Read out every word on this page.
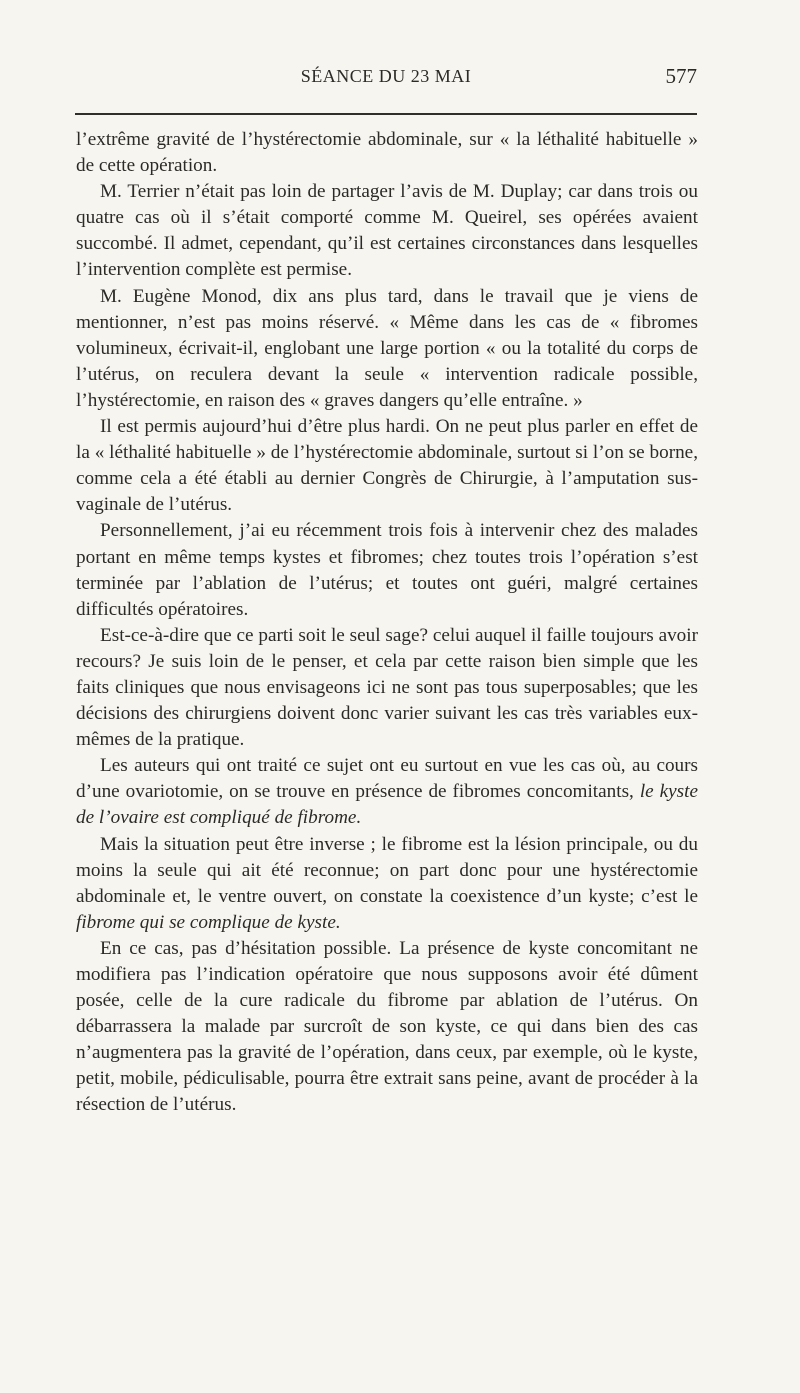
SÉANCE DU 23 MAI	577

l’extrême gravité de l’hystérectomie abdominale, sur « la léthalité habituelle » de cette opération.

M. Terrier n’était pas loin de partager l’avis de M. Duplay; car dans trois ou quatre cas où il s’était comporté comme M. Queirel, ses opérées avaient succombé. Il admet, cependant, qu’il est certaines circonstances dans lesquelles l’intervention complète est permise.

M. Eugène Monod, dix ans plus tard, dans le travail que je viens de mentionner, n’est pas moins réservé. « Même dans les cas de « fibromes volumineux, écrivait-il, englobant une large portion « ou la totalité du corps de l’utérus, on reculera devant la seule « intervention radicale possible, l’hystérectomie, en raison des « graves dangers qu’elle entraîne. »

Il est permis aujourd’hui d’être plus hardi. On ne peut plus parler en effet de la « léthalité habituelle » de l’hystérectomie abdominale, surtout si l’on se borne, comme cela a été établi au dernier Congrès de Chirurgie, à l’amputation sus-vaginale de l’utérus.

Personnellement, j’ai eu récemment trois fois à intervenir chez des malades portant en même temps kystes et fibromes; chez toutes trois l’opération s’est terminée par l’ablation de l’utérus; et toutes ont guéri, malgré certaines difficultés opératoires.

Est-ce-à-dire que ce parti soit le seul sage? celui auquel il faille toujours avoir recours? Je suis loin de le penser, et cela par cette raison bien simple que les faits cliniques que nous envisageons ici ne sont pas tous superposables; que les décisions des chirurgiens doivent donc varier suivant les cas très variables eux-mêmes de la pratique.

Les auteurs qui ont traité ce sujet ont eu surtout en vue les cas où, au cours d’une ovariotomie, on se trouve en présence de fibromes concomitants, le kyste de l’ovaire est compliqué de fibrome.

Mais la situation peut être inverse ; le fibrome est la lésion principale, ou du moins la seule qui ait été reconnue; on part donc pour une hystérectomie abdominale et, le ventre ouvert, on constate la coexistence d’un kyste; c’est le fibrome qui se complique de kyste.

En ce cas, pas d’hésitation possible. La présence de kyste concomitant ne modifiera pas l’indication opératoire que nous supposons avoir été dûment posée, celle de la cure radicale du fibrome par ablation de l’utérus. On débarrassera la malade par surcroît de son kyste, ce qui dans bien des cas n’augmentera pas la gravité de l’opération, dans ceux, par exemple, où le kyste, petit, mobile, pédiculisable, pourra être extrait sans peine, avant de procéder à la résection de l’utérus.
